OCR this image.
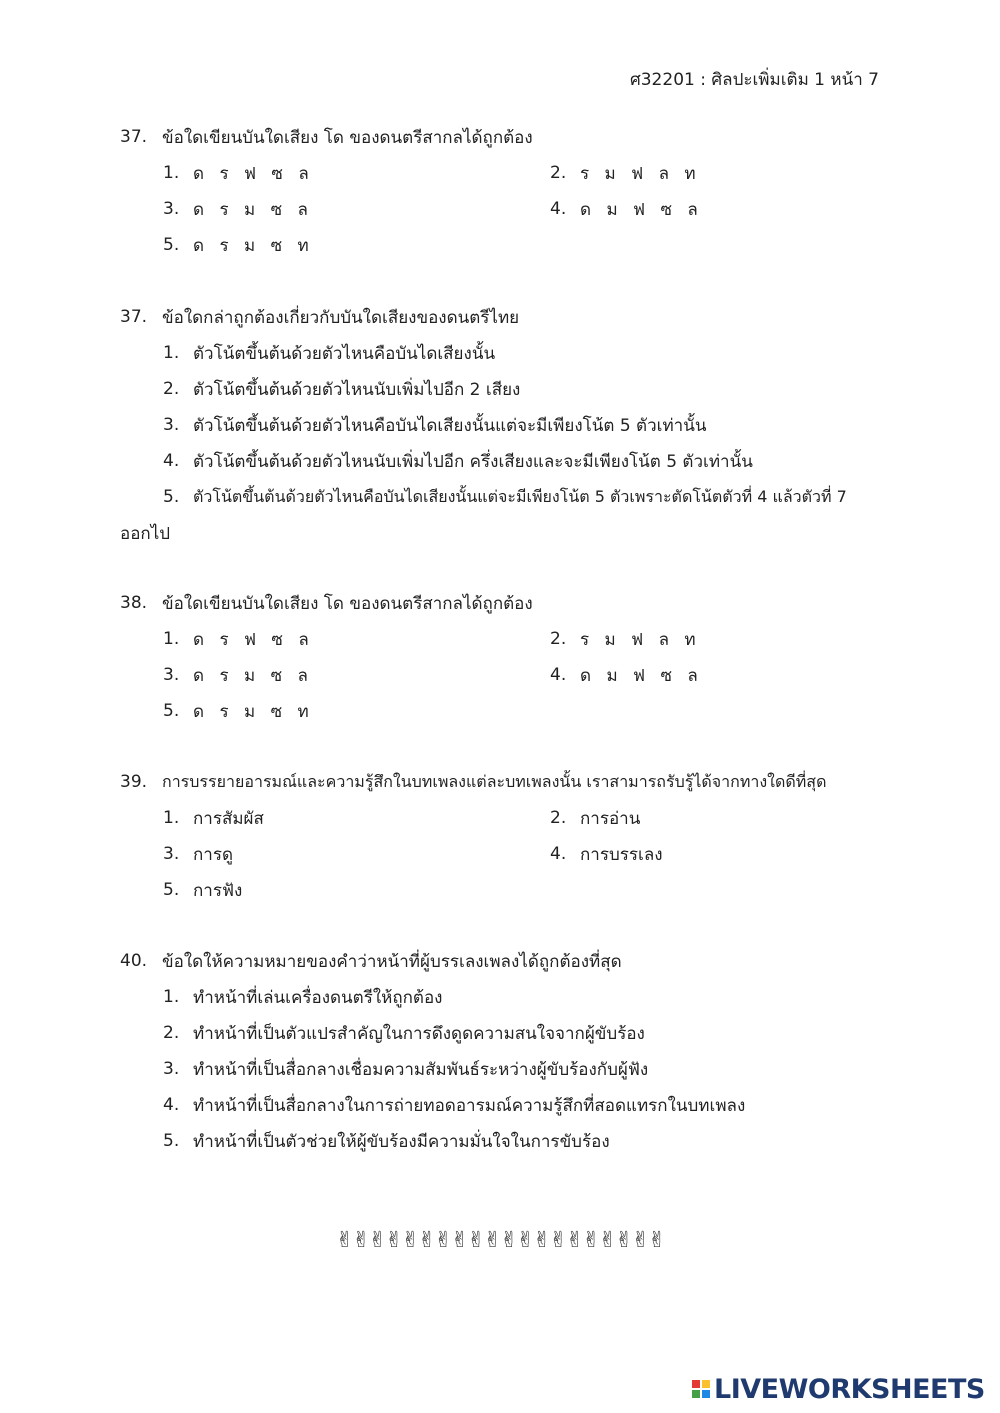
ศ32201 : ศิลปะเพิ่มเติม 1 หน้า 7
37. ข้อใดเขียนบันใดเสียง โด ของดนตรีสากลได้ถูกต้อง
1. ด ร ฟ ซ ล	2. ร ม ฟ ล ท
3. ด ร ม ซ ล	4. ด ม ฟ ซ ล
5. ด ร ม ซ ท
37. ข้อใดกล่าถูกต้องเกี่ยวกับบันใดเสียงของดนตรีไทย
1. ตัวโน้ตขึ้นต้นด้วยตัวไหนคือบันไดเสียงนั้น
2. ตัวโน้ตขึ้นต้นด้วยตัวไหนนับเพิ่มไปอีก 2 เสียง
3. ตัวโน้ตขึ้นต้นด้วยตัวไหนคือบันไดเสียงนั้นแต่จะมีเพียงโน้ต 5 ตัวเท่านั้น
4. ตัวโน้ตขึ้นต้นด้วยตัวไหนนับเพิ่มไปอีก ครึ่งเสียงและจะมีเพียงโน้ต 5 ตัวเท่านั้น
5. ตัวโน้ตขึ้นต้นด้วยตัวไหนคือบันไดเสียงนั้นแต่จะมีเพียงโน้ต 5 ตัวเพราะตัดโน้ตตัวที่ 4 แล้วตัวที่ 7
ออกไป
38. ข้อใดเขียนบันใดเสียง โด ของดนตรีสากลได้ถูกต้อง
1. ด ร ฟ ซ ล	2. ร ม ฟ ล ท
3. ด ร ม ซ ล	4. ด ม ฟ ซ ล
5. ด ร ม ซ ท
39. การบรรยายอารมณ์และความรู้สึกในบทเพลงแต่ละบทเพลงนั้น เราสามารถรับรู้ได้จากทางใดดีที่สุด
1. การสัมผัส	2. การอ่าน
3. การดู	4. การบรรเลง
5. การฟัง
40. ข้อใดให้ความหมายของคำว่าหน้าที่ผู้บรรเลงเพลงได้ถูกต้องที่สุด
1. ทำหน้าที่เล่นเครื่องดนตรีให้ถูกต้อง
2. ทำหน้าที่เป็นตัวแปรสำคัญในการดึงดูดความสนใจจากผู้ขับร้อง
3. ทำหน้าที่เป็นสื่อกลางเชื่อมความสัมพันธ์ระหว่างผู้ขับร้องกับผู้ฟัง
4. ทำหน้าที่เป็นสื่อกลางในการถ่ายทอดอารมณ์ความรู้สึกที่สอดแทรกในบทเพลง
5. ทำหน้าที่เป็นตัวช่วยให้ผู้ขับร้องมีความมั่นใจในการขับร้อง
✌✌✌✌✌✌✌✌✌✌✌✌✌✌✌✌✌✌✌✌
LIVEWORKSHEETS
